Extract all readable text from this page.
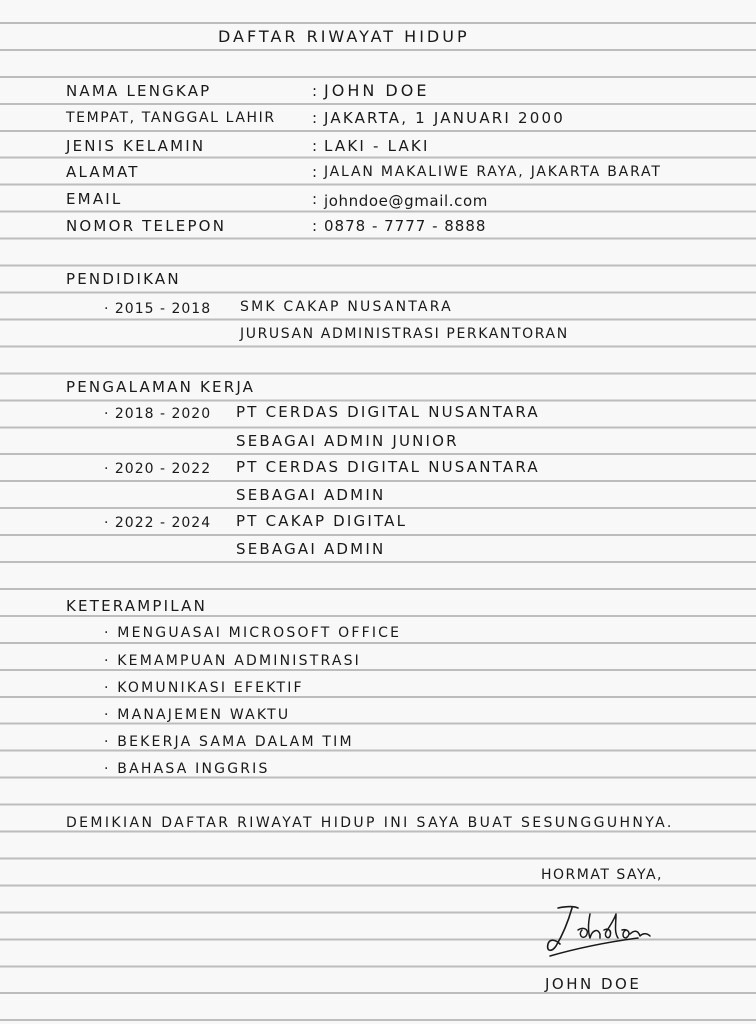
DAFTAR RIWAYAT HIDUP
NAMA LENGKAP	: JOHN DOE
TEMPAT, TANGGAL LAHIR : JAKARTA, 1 JANUARI 2000
JENIS KELAMIN	: LAKI - LAKI
ALAMAT	: JALAN MAKALIWE RAYA, JAKARTA BARAT
EMAIL	: johndoe@gmail.com
NOMOR TELEPON	: 0878 - 7777 - 8888
PENDIDIKAN
· 2015 - 2018 SMK CAKAP NUSANTARA
JURUSAN ADMINISTRASI PERKANTORAN
PENGALAMAN KERJA
· 2018 - 2020 PT CERDAS DIGITAL NUSANTARA
SEBAGAI ADMIN JUNIOR
· 2020 - 2022 PT CERDAS DIGITAL NUSANTARA
SEBAGAI ADMIN
· 2022 - 2024 PT CAKAP DIGITAL
SEBAGAI ADMIN
KETERAMPILAN
· MENGUASAI MICROSOFT OFFICE
· KEMAMPUAN ADMINISTRASI
· KOMUNIKASI EFEKTIF
· MANAJEMEN WAKTU
· BEKERJA SAMA DALAM TIM
· BAHASA INGGRIS
DEMIKIAN DAFTAR RIWAYAT HIDUP INI SAYA BUAT SESUNGGUHNYA.
HORMAT SAYA,
JOHN DOE
